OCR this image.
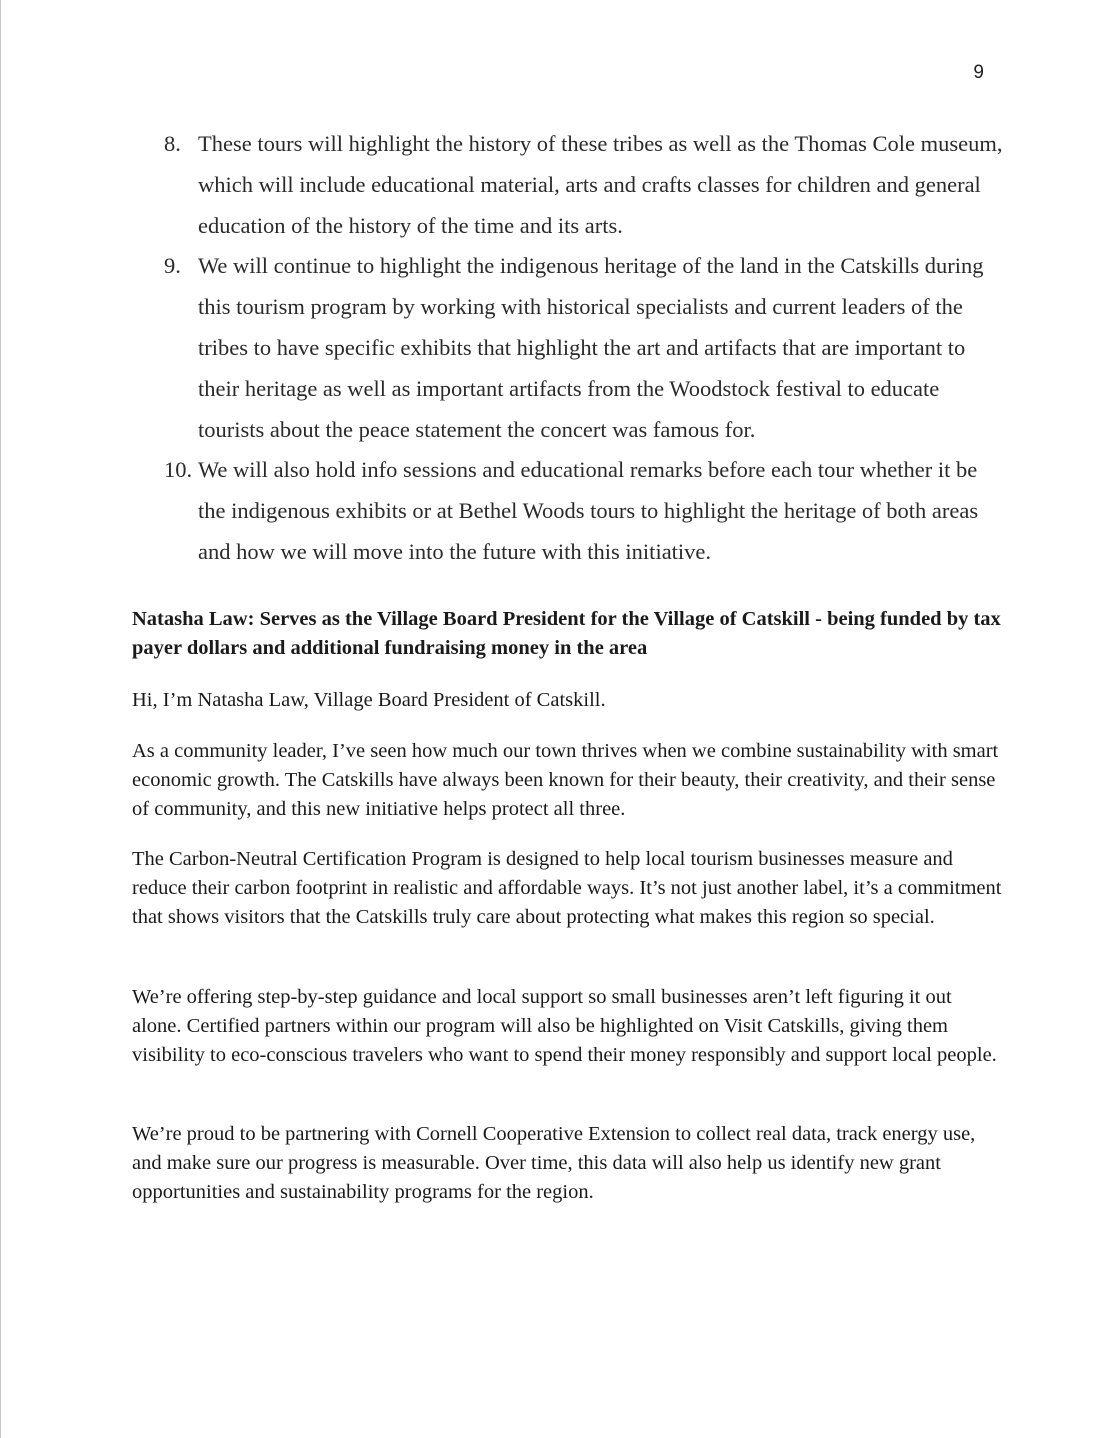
9
8. These tours will highlight the history of these tribes as well as the Thomas Cole museum, which will include educational material, arts and crafts classes for children and general education of the history of the time and its arts.
9. We will continue to highlight the indigenous heritage of the land in the Catskills during this tourism program by working with historical specialists and current leaders of the tribes to have specific exhibits that highlight the art and artifacts that are important to their heritage as well as important artifacts from the Woodstock festival to educate tourists about the peace statement the concert was famous for.
10. We will also hold info sessions and educational remarks before each tour whether it be the indigenous exhibits or at Bethel Woods tours to highlight the heritage of both areas and how we will move into the future with this initiative.
Natasha Law: Serves as the Village Board President for the Village of Catskill - being funded by tax payer dollars and additional fundraising money in the area
Hi, I’m Natasha Law, Village Board President of Catskill.
As a community leader, I’ve seen how much our town thrives when we combine sustainability with smart economic growth. The Catskills have always been known for their beauty, their creativity, and their sense of community, and this new initiative helps protect all three.
The Carbon-Neutral Certification Program is designed to help local tourism businesses measure and reduce their carbon footprint in realistic and affordable ways. It’s not just another label, it’s a commitment that shows visitors that the Catskills truly care about protecting what makes this region so special.
We’re offering step-by-step guidance and local support so small businesses aren’t left figuring it out alone. Certified partners within our program will also be highlighted on Visit Catskills, giving them visibility to eco-conscious travelers who want to spend their money responsibly and support local people.
We’re proud to be partnering with Cornell Cooperative Extension to collect real data, track energy use, and make sure our progress is measurable. Over time, this data will also help us identify new grant opportunities and sustainability programs for the region.
